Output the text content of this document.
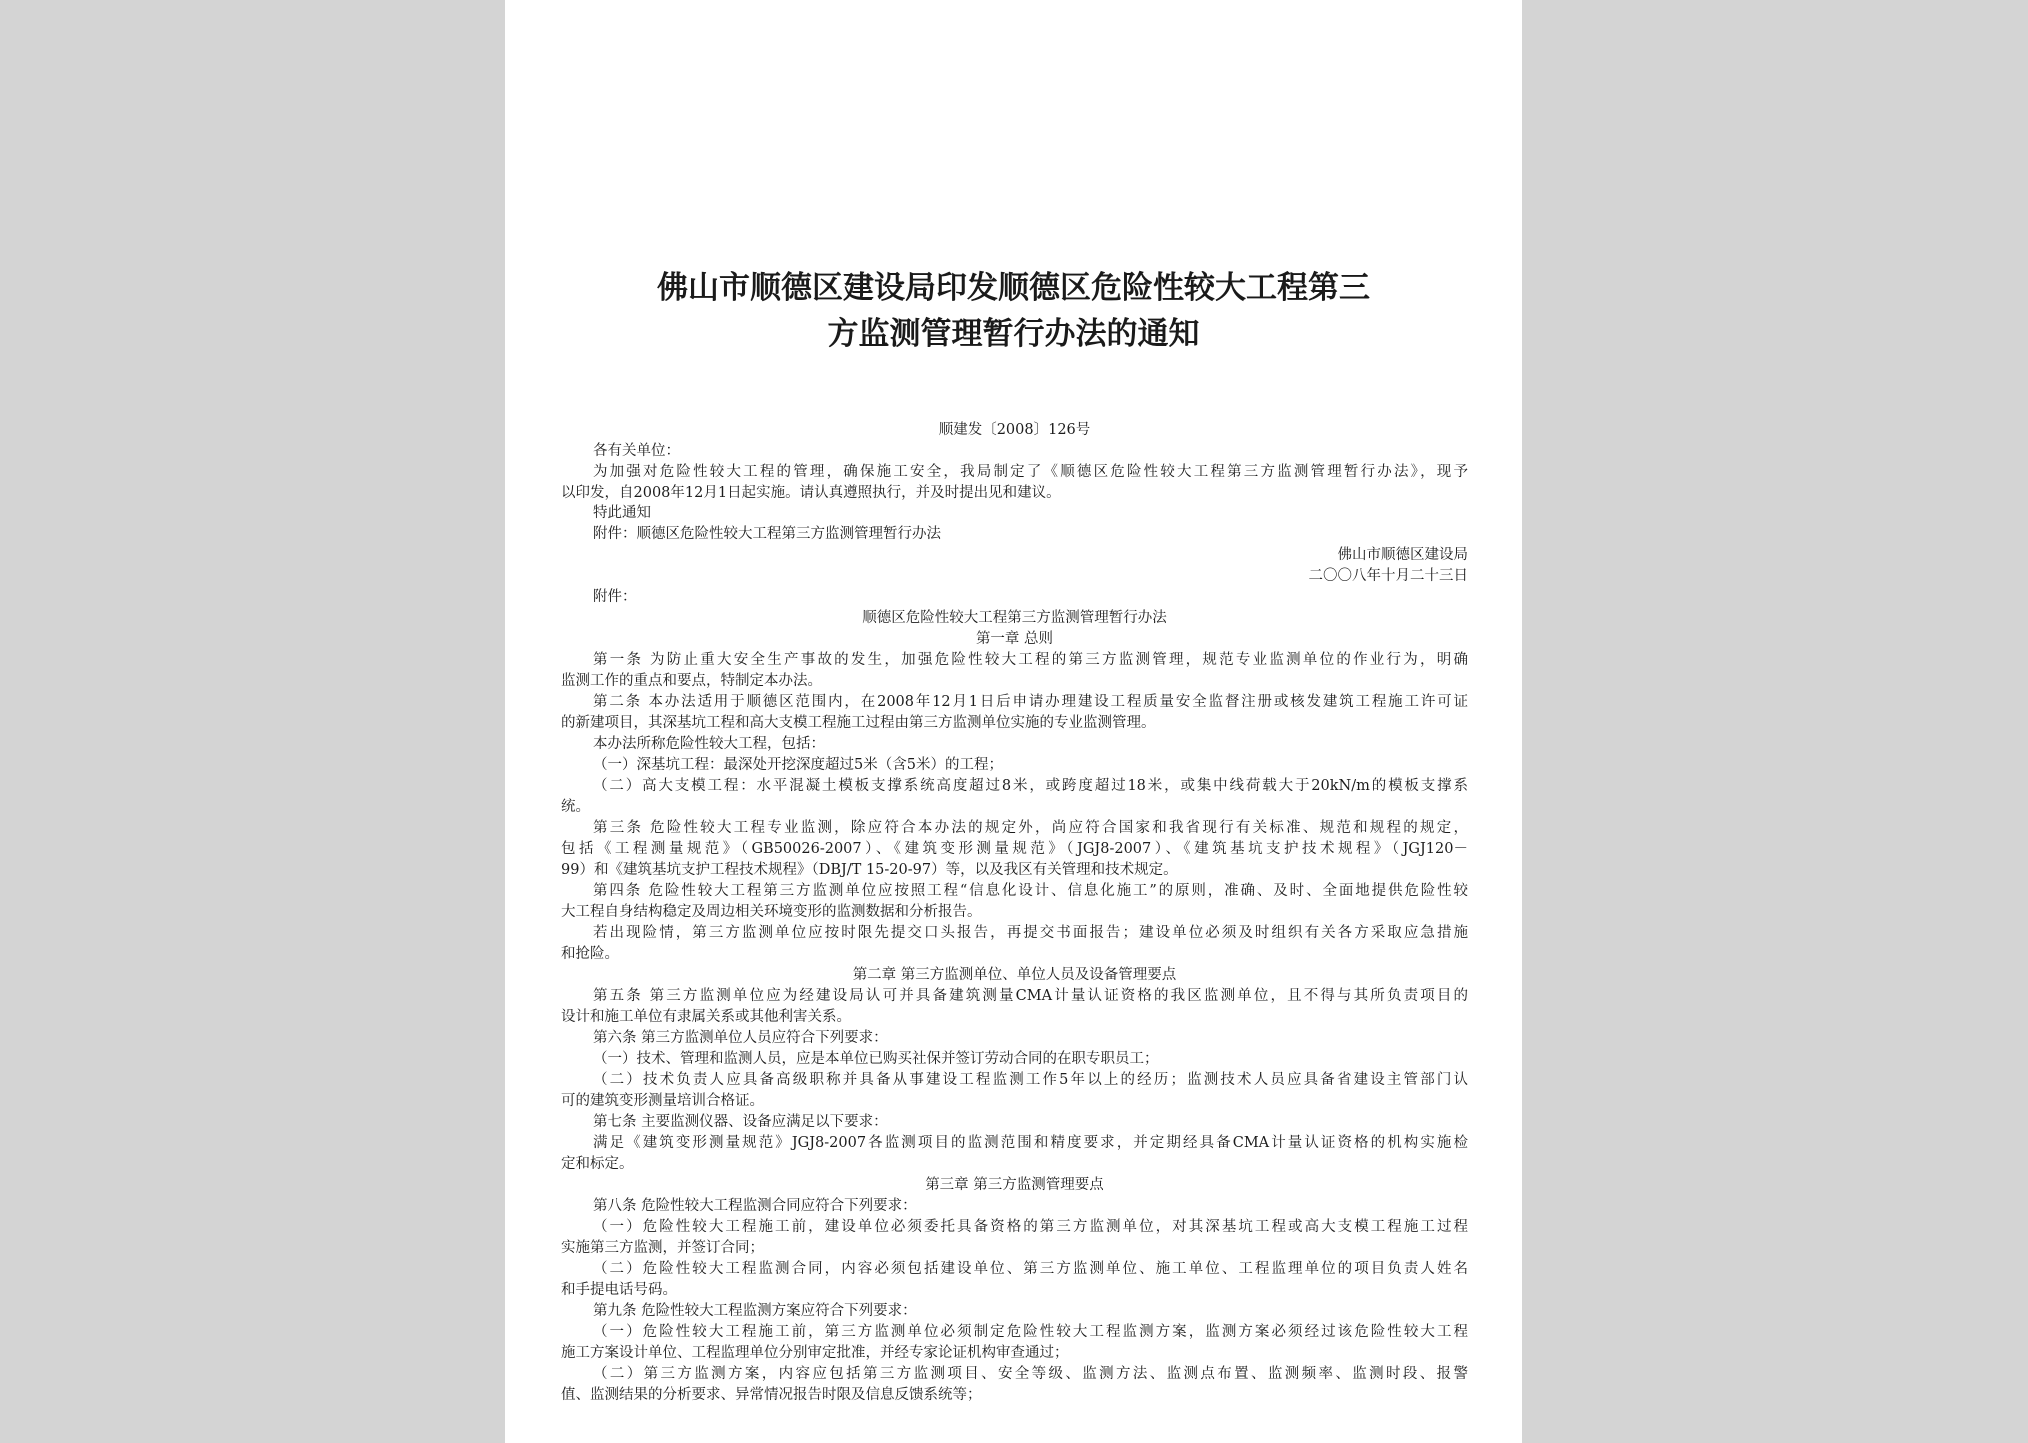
佛山市顺德区建设局印发顺德区危险性较大工程第三
方监测管理暂行办法的通知
顺建发〔2008〕126号
各有关单位：
为加强对危险性较大工程的管理，确保施工安全，我局制定了《顺德区危险性较大工程第三方监测管理暂行办法》，现予
以印发，自2008年12月1日起实施。请认真遵照执行，并及时提出见和建议。
特此通知
附件：顺德区危险性较大工程第三方监测管理暂行办法
佛山市顺德区建设局
二〇〇八年十月二十三日
附件：
顺德区危险性较大工程第三方监测管理暂行办法
第一章 总则
第一条 为防止重大安全生产事故的发生，加强危险性较大工程的第三方监测管理，规范专业监测单位的作业行为，明确
监测工作的重点和要点，特制定本办法。
第二条 本办法适用于顺德区范围内，在2008年12月1日后申请办理建设工程质量安全监督注册或核发建筑工程施工许可证
的新建项目，其深基坑工程和高大支模工程施工过程由第三方监测单位实施的专业监测管理。
本办法所称危险性较大工程，包括：
（一）深基坑工程：最深处开挖深度超过5米（含5米）的工程；
（二）高大支模工程：水平混凝土模板支撑系统高度超过8米，或跨度超过18米，或集中线荷载大于20kN/m的模板支撑系
统。
第三条 危险性较大工程专业监测，除应符合本办法的规定外，尚应符合国家和我省现行有关标准、规范和规程的规定，
包括《工程测量规范》（GB50026-2007）、《建筑变形测量规范》（JGJ8-2007）、《建筑基坑支护技术规程》（JGJ120－
99）和《建筑基坑支护工程技术规程》（DBJ/T 15-20-97）等，以及我区有关管理和技术规定。
第四条 危险性较大工程第三方监测单位应按照工程“信息化设计、信息化施工”的原则，准确、及时、全面地提供危险性较
大工程自身结构稳定及周边相关环境变形的监测数据和分析报告。
若出现险情，第三方监测单位应按时限先提交口头报告，再提交书面报告；建设单位必须及时组织有关各方采取应急措施
和抢险。
第二章 第三方监测单位、单位人员及设备管理要点
第五条 第三方监测单位应为经建设局认可并具备建筑测量CMA计量认证资格的我区监测单位，且不得与其所负责项目的
设计和施工单位有隶属关系或其他利害关系。
第六条 第三方监测单位人员应符合下列要求：
（一）技术、管理和监测人员，应是本单位已购买社保并签订劳动合同的在职专职员工；
（二）技术负责人应具备高级职称并具备从事建设工程监测工作5年以上的经历；监测技术人员应具备省建设主管部门认
可的建筑变形测量培训合格证。
第七条 主要监测仪器、设备应满足以下要求：
满足《建筑变形测量规范》JGJ8-2007各监测项目的监测范围和精度要求，并定期经具备CMA计量认证资格的机构实施检
定和标定。
第三章 第三方监测管理要点
第八条 危险性较大工程监测合同应符合下列要求：
（一）危险性较大工程施工前，建设单位必须委托具备资格的第三方监测单位，对其深基坑工程或高大支模工程施工过程
实施第三方监测，并签订合同；
（二）危险性较大工程监测合同，内容必须包括建设单位、第三方监测单位、施工单位、工程监理单位的项目负责人姓名
和手提电话号码。
第九条 危险性较大工程监测方案应符合下列要求：
（一）危险性较大工程施工前，第三方监测单位必须制定危险性较大工程监测方案，监测方案必须经过该危险性较大工程
施工方案设计单位、工程监理单位分别审定批准，并经专家论证机构审查通过；
（二）第三方监测方案，内容应包括第三方监测项目、安全等级、监测方法、监测点布置、监测频率、监测时段、报警
值、监测结果的分析要求、异常情况报告时限及信息反馈系统等；
